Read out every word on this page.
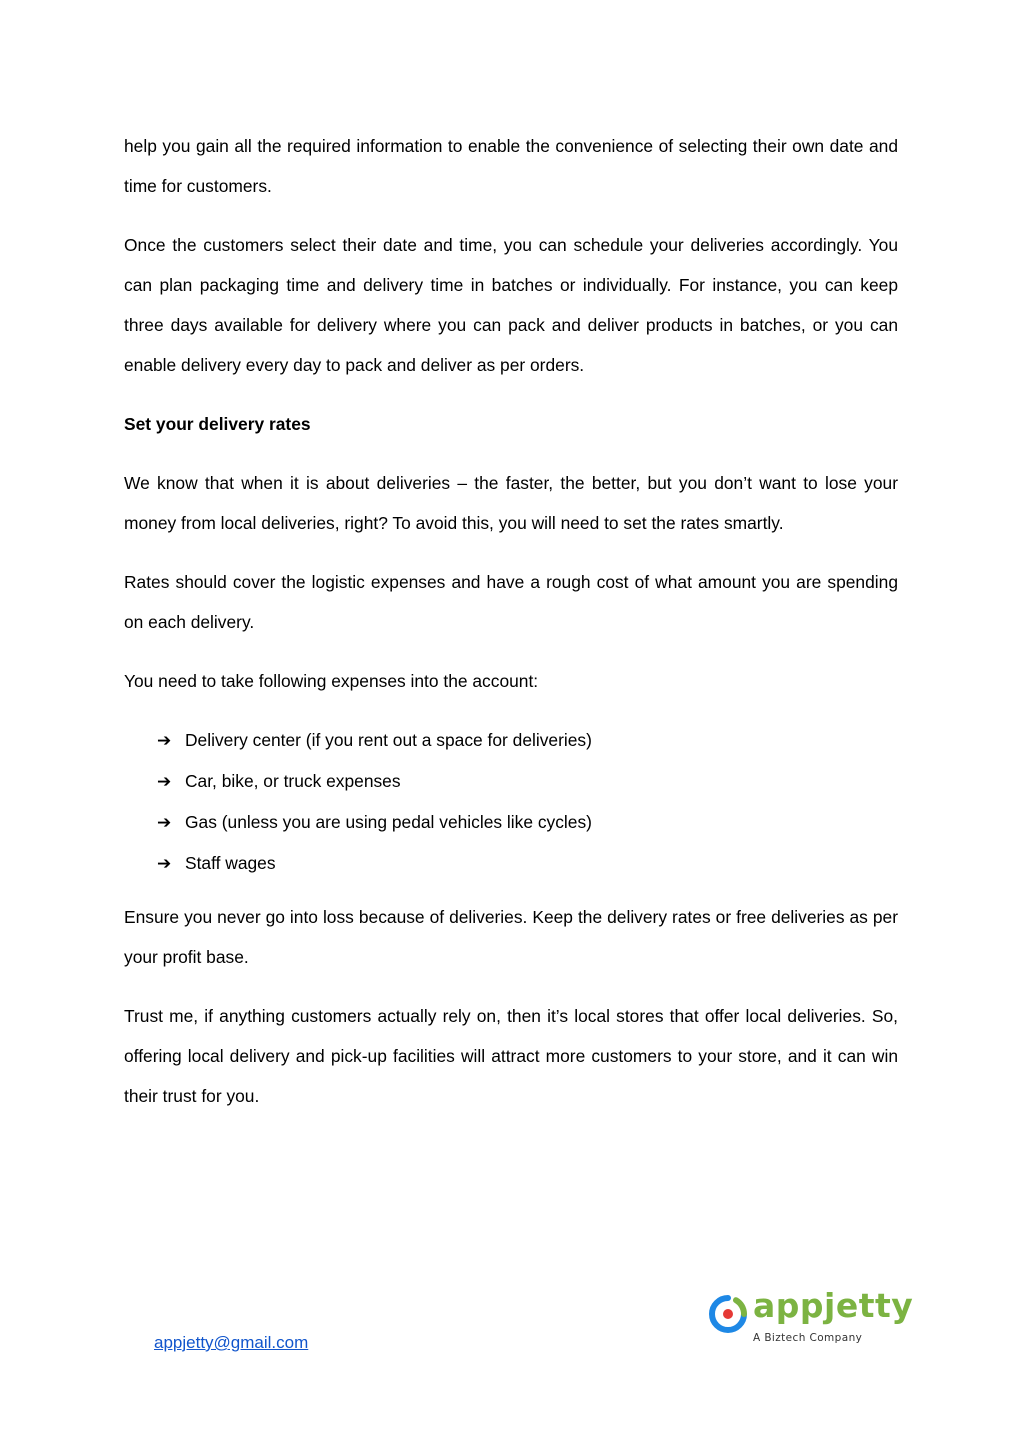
help you gain all the required information to enable the convenience of selecting their own date and time for customers.

Once the customers select their date and time, you can schedule your deliveries accordingly. You can plan packaging time and delivery time in batches or individually. For instance, you can keep three days available for delivery where you can pack and deliver products in batches, or you can enable delivery every day to pack and deliver as per orders.

Set your delivery rates

We know that when it is about deliveries – the faster, the better, but you don’t want to lose your money from local deliveries, right? To avoid this, you will need to set the rates smartly.

Rates should cover the logistic expenses and have a rough cost of what amount you are spending on each delivery.

You need to take following expenses into the account:

➔ Delivery center (if you rent out a space for deliveries)
➔ Car, bike, or truck expenses
➔ Gas (unless you are using pedal vehicles like cycles)
➔ Staff wages

Ensure you never go into loss because of deliveries. Keep the delivery rates or free deliveries as per your profit base.

Trust me, if anything customers actually rely on, then it’s local stores that offer local deliveries. So, offering local delivery and pick-up facilities will attract more customers to your store, and it can win their trust for you.

appjetty
A Biztech Company
appjetty@gmail.com
